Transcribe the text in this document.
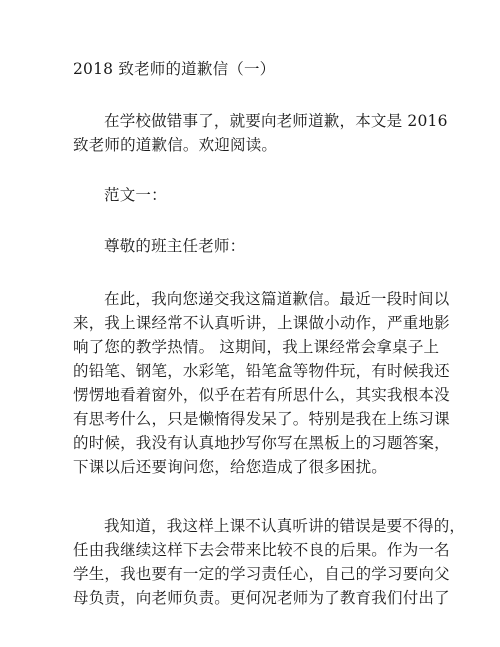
2018 致老师的道歉信（一）
在学校做错事了，就要向老师道歉，本文是 2016
致老师的道歉信。欢迎阅读。
范文一：
尊敬的班主任老师：
在此，我向您递交我这篇道歉信。最近一段时间以
来，我上课经常不认真听讲，上课做小动作，严重地影
响了您的教学热情。 这期间，我上课经常会拿桌子上
的铅笔、钢笔，水彩笔，铅笔盒等物件玩，有时候我还
愣愣地看着窗外，似乎在若有所思什么，其实我根本没
有思考什么，只是懒惰得发呆了。特别是我在上练习课
的时候，我没有认真地抄写你写在黑板上的习题答案，
下课以后还要询问您，给您造成了很多困扰。
我知道，我这样上课不认真听讲的错误是要不得的，
任由我继续这样下去会带来比较不良的后果。作为一名
学生，我也要有一定的学习责任心，自己的学习要向父
母负责，向老师负责。更何况老师为了教育我们付出了
